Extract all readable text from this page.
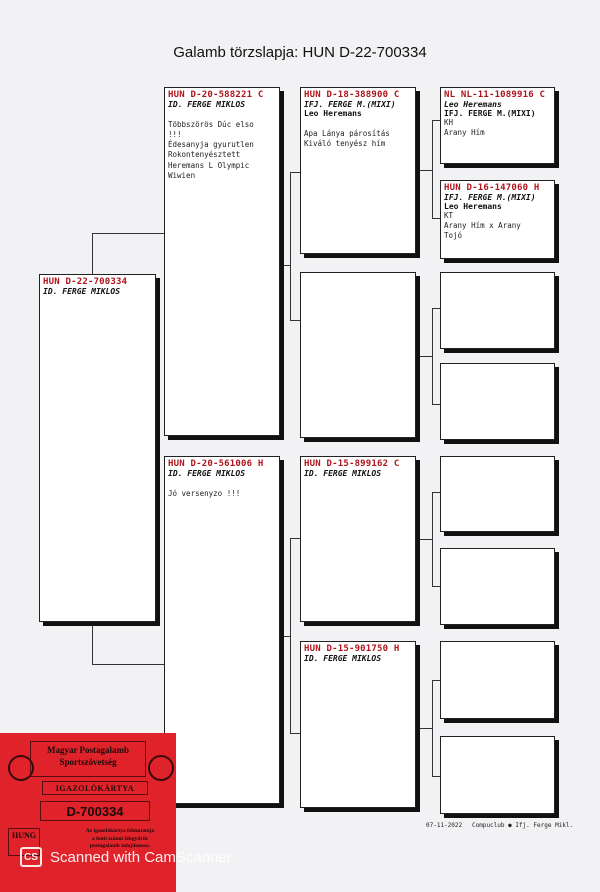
Galamb törzslapja: HUN D-22-700334
HUN D-22-700334
ID. FERGE MIKLOS
HUN D-20-588221 C
ID. FERGE MIKLOS
Többszörös Dúc elso
!!!
Édesanyja gyurutlen
Rokontenyésztett
Heremans L Olympic
Wiwien
HUN D-20-561006 H
ID. FERGE MIKLOS
Jó versenyzo !!!
HUN D-18-388900 C
IFJ. FERGE M.(MIXI)
Leo Heremans
Apa Lánya párosítás
Kiváló tenyész hím
HUN D-15-899162 C
ID. FERGE MIKLOS
HUN D-15-901750 H
ID. FERGE MIKLOS
NL NL-11-1089916 C
Leo Heremans
IFJ. FERGE M.(MIXI)
KH
Arany Hím
HUN D-16-147060 H
IFJ. FERGE M.(MIXI)
Leo Heremans
KT
Arany Hím x Arany
Tojó
07-11-2022 Compuclub ● Ifj. Ferge Mikl.
Magyar Postagalamb
Sportszövetség
IGAZOLÓKÁRTYA
D-700334
HUNG	Az igazolókártya felmutatója
a fenti számú lábgyűrűs
postagalamb tulajdonosa.
CS Scanned with CamScanner
